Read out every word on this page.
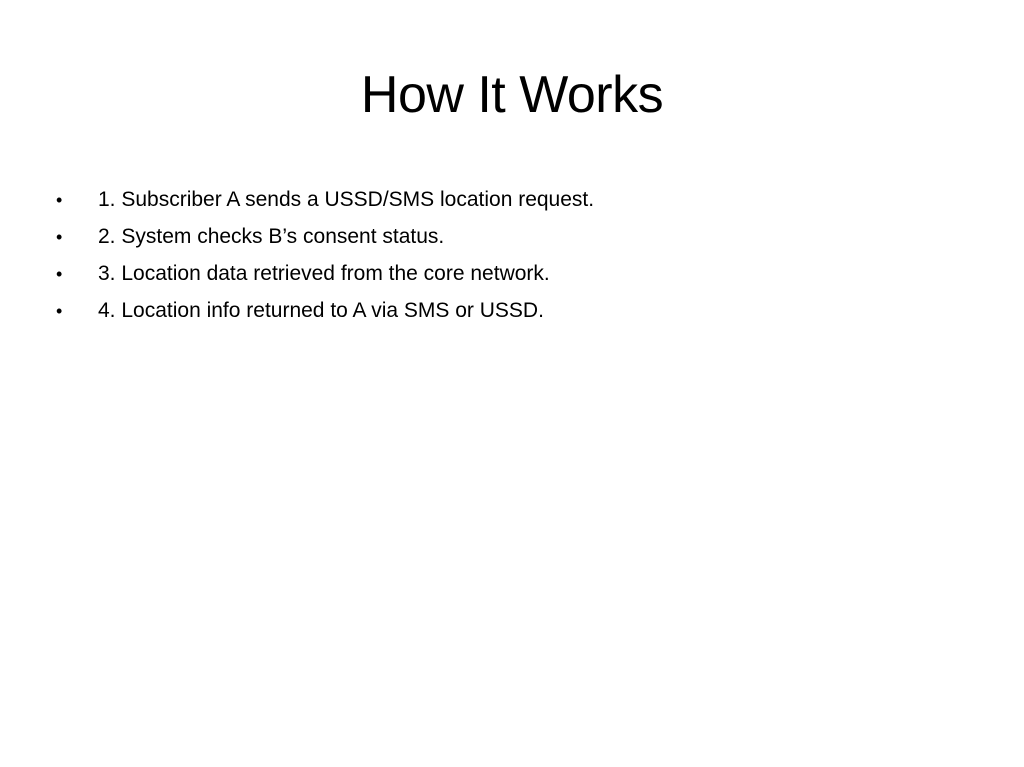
How It Works
•	1. Subscriber A sends a USSD/SMS location request.
•	2. System checks B’s consent status.
•	3. Location data retrieved from the core network.
•	4. Location info returned to A via SMS or USSD.
